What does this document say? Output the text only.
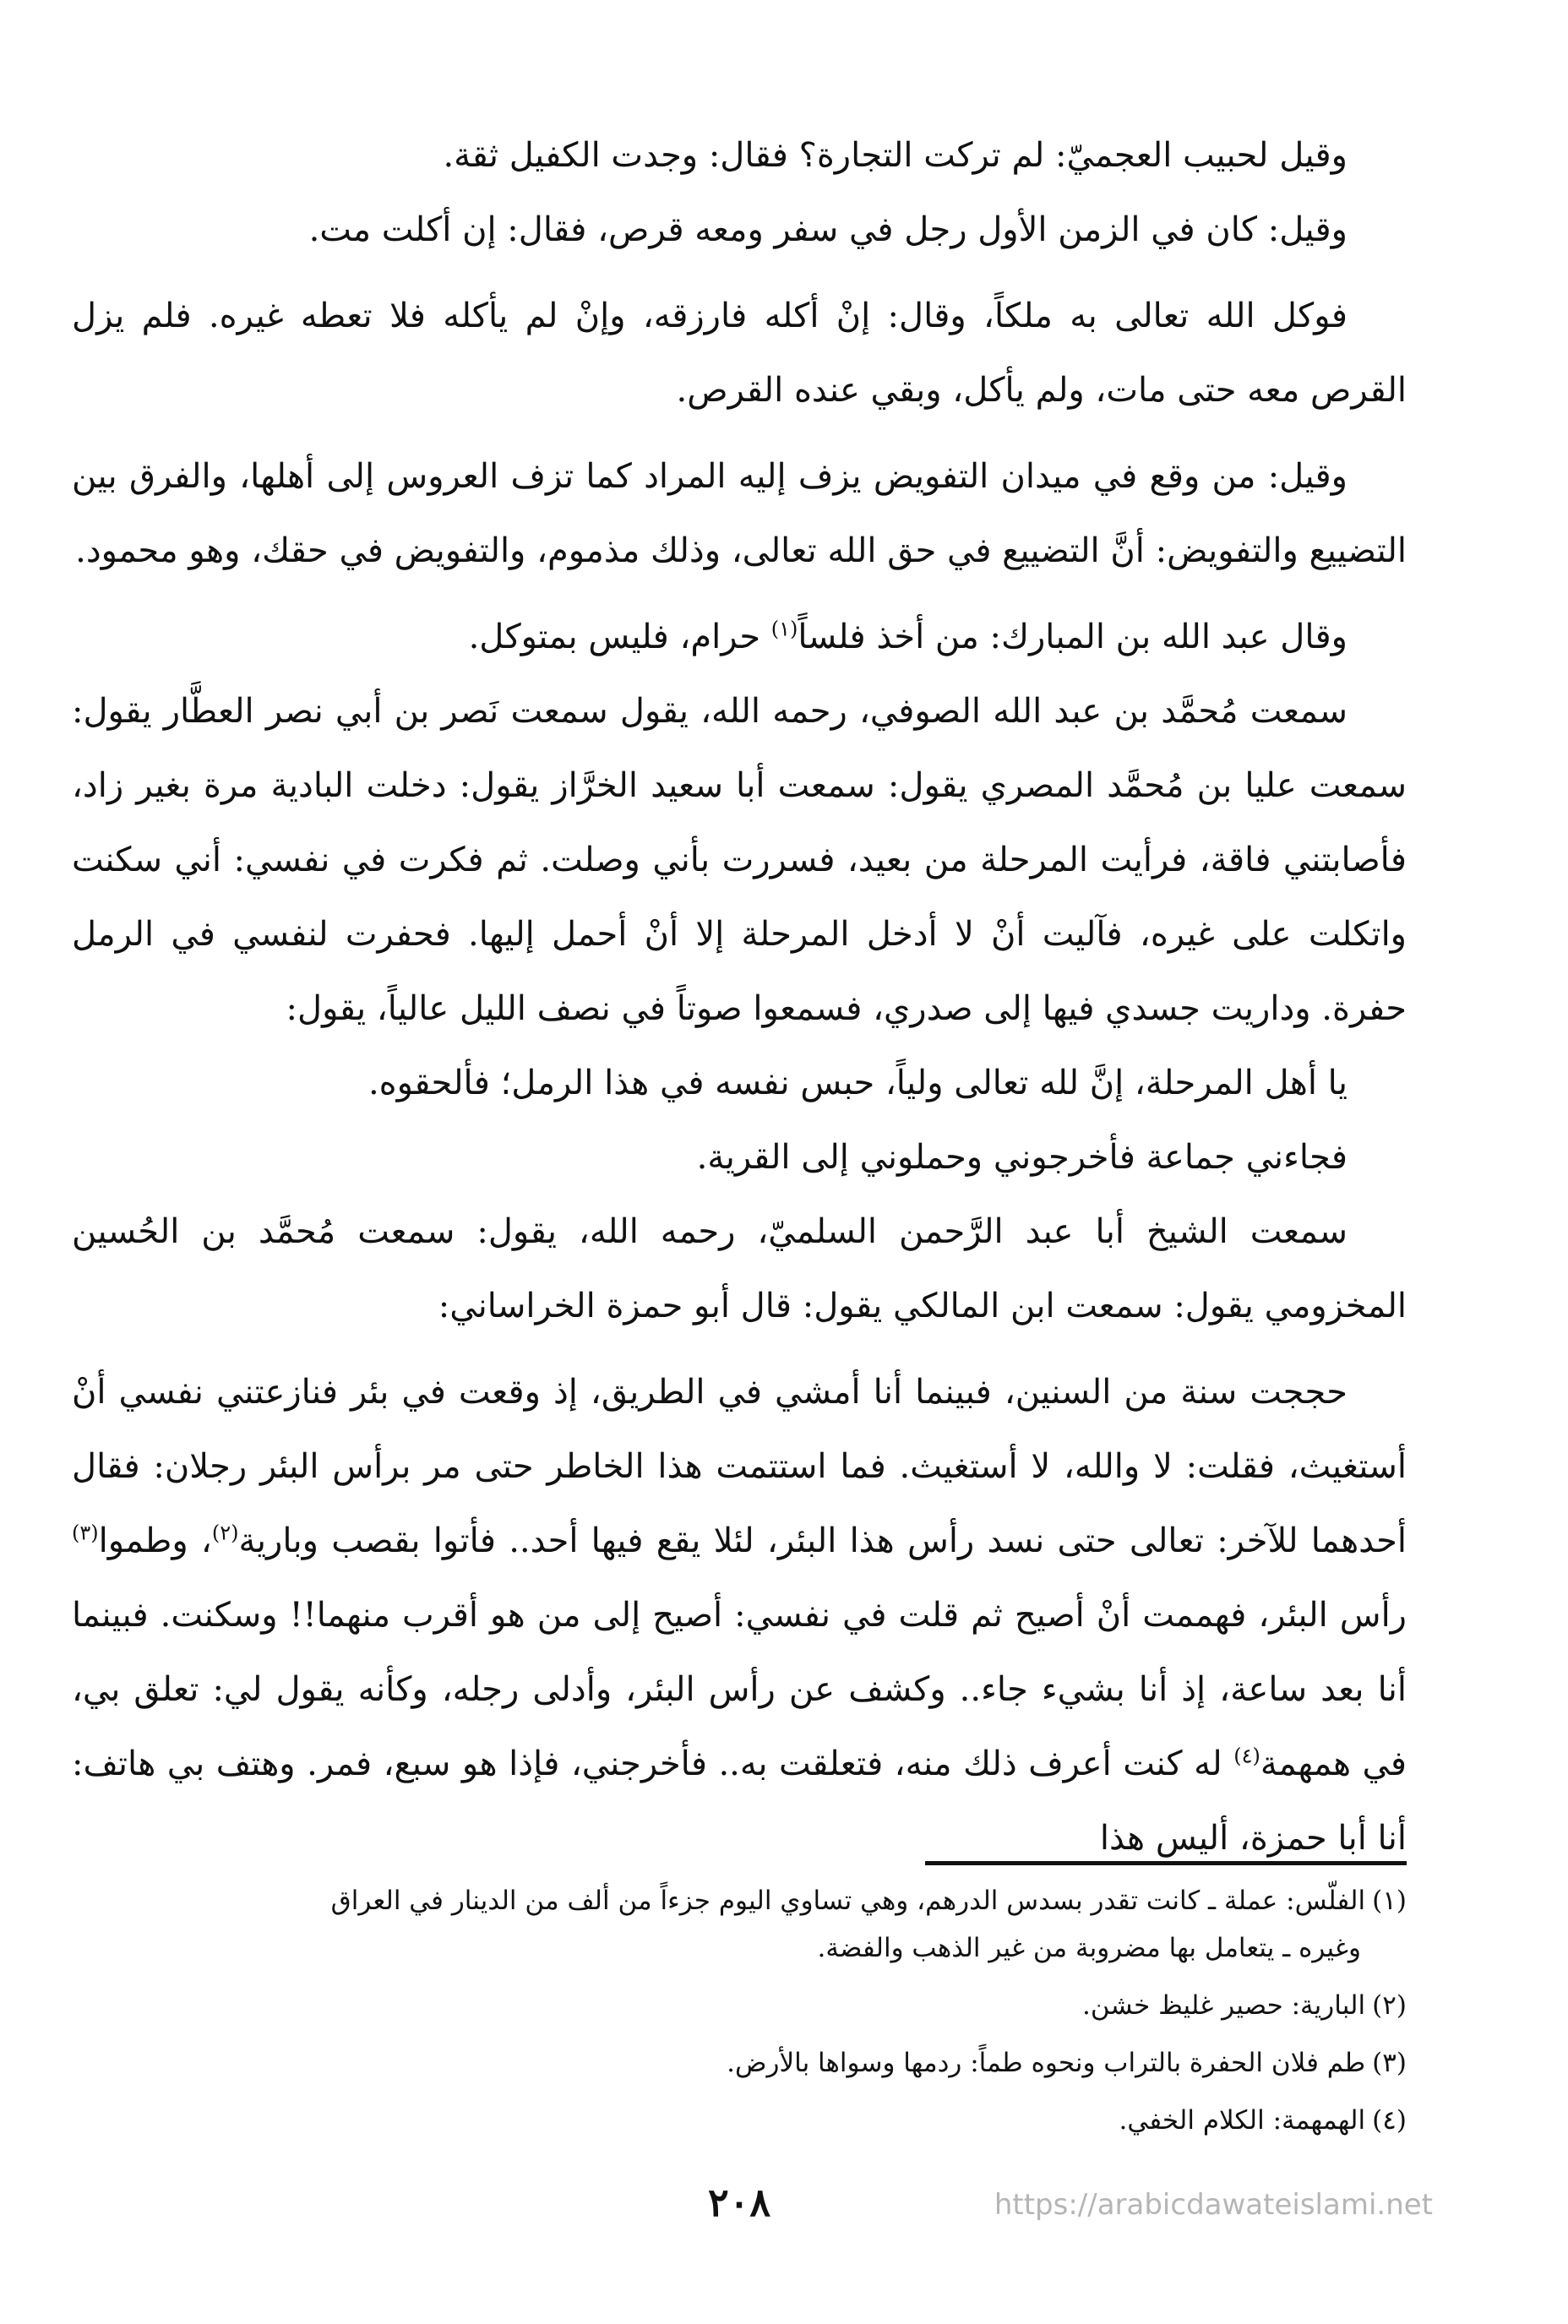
وقيل لحبيب العجميّ: لم تركت التجارة؟ فقال: وجدت الكفيل ثقة.

وقيل: كان في الزمن الأول رجل في سفر ومعه قرص، فقال: إن أكلت مت.

فوكل الله تعالى به ملكاً، وقال: إنْ أكله فارزقه، وإنْ لم يأكله فلا تعطه غيره. فلم يزل القرص معه حتى مات، ولم يأكل، وبقي عنده القرص.

وقيل: من وقع في ميدان التفويض يزف إليه المراد كما تزف العروس إلى أهلها، والفرق بين التضييع والتفويض: أنَّ التضييع في حق الله تعالى، وذلك مذموم، والتفويض في حقك، وهو محمود.

وقال عبد الله بن المبارك: من أخذ فلساً$^{(١)}$ حرام، فليس بمتوكل.

سمعت مُحمَّد بن عبد الله الصوفي، رحمه الله، يقول سمعت نَصر بن أبي نصر العطَّار يقول: سمعت عليا بن مُحمَّد المصري يقول: سمعت أبا سعيد الخرَّاز يقول: دخلت البادية مرة بغير زاد، فأصابتني فاقة، فرأيت المرحلة من بعيد، فسررت بأني وصلت. ثم فكرت في نفسي: أني سكنت واتكلت على غيره، فآليت أنْ لا أدخل المرحلة إلا أنْ أحمل إليها. فحفرت لنفسي في الرمل حفرة. وداريت جسدي فيها إلى صدري، فسمعوا صوتاً في نصف الليل عالياً، يقول:

يا أهل المرحلة، إنَّ لله تعالى ولياً، حبس نفسه في هذا الرمل؛ فألحقوه.

فجاءني جماعة فأخرجوني وحملوني إلى القرية.

سمعت الشيخ أبا عبد الرَّحمن السلميّ، رحمه الله، يقول: سمعت مُحمَّد بن الحُسين المخزومي يقول: سمعت ابن المالكي يقول: قال أبو حمزة الخراساني:

حججت سنة من السنين، فبينما أنا أمشي في الطريق، إذ وقعت في بئر فنازعتني نفسي أنْ أستغيث، فقلت: لا والله، لا أستغيث. فما استتمت هذا الخاطر حتى مر برأس البئر رجلان: فقال أحدهما للآخر: تعالى حتى نسد رأس هذا البئر، لئلا يقع فيها أحد.. فأتوا بقصب وبارية$^{(٢)}$، وطموا$^{(٣)}$ رأس البئر، فهممت أنْ أصيح ثم قلت في نفسي: أصيح إلى من هو أقرب منهما!! وسكنت. فبينما أنا بعد ساعة، إذ أنا بشيء جاء.. وكشف عن رأس البئر، وأدلى رجله، وكأنه يقول لي: تعلق بي، في همهمة$^{(٤)}$ له كنت أعرف ذلك منه، فتعلقت به.. فأخرجني، فإذا هو سبع، فمر. وهتف بي هاتف: أنا أبا حمزة، أليس هذا

(١)الفلّس: عملة ـ كانت تقدر بسدس الدرهم، وهي تساوي اليوم جزءاً من ألف من الدينار في العراق

وغيره ـ يتعامل بها مضروبة من غير الذهب والفضة.

(٢)البارية: حصير غليظ خشن.

(٣)طم فلان الحفرة بالتراب ونحوه طماً: ردمها وسواها بالأرض.

(٤)الهمهمة: الكلام الخفي.

٢٠٨	https://arabicdawateislami.net
